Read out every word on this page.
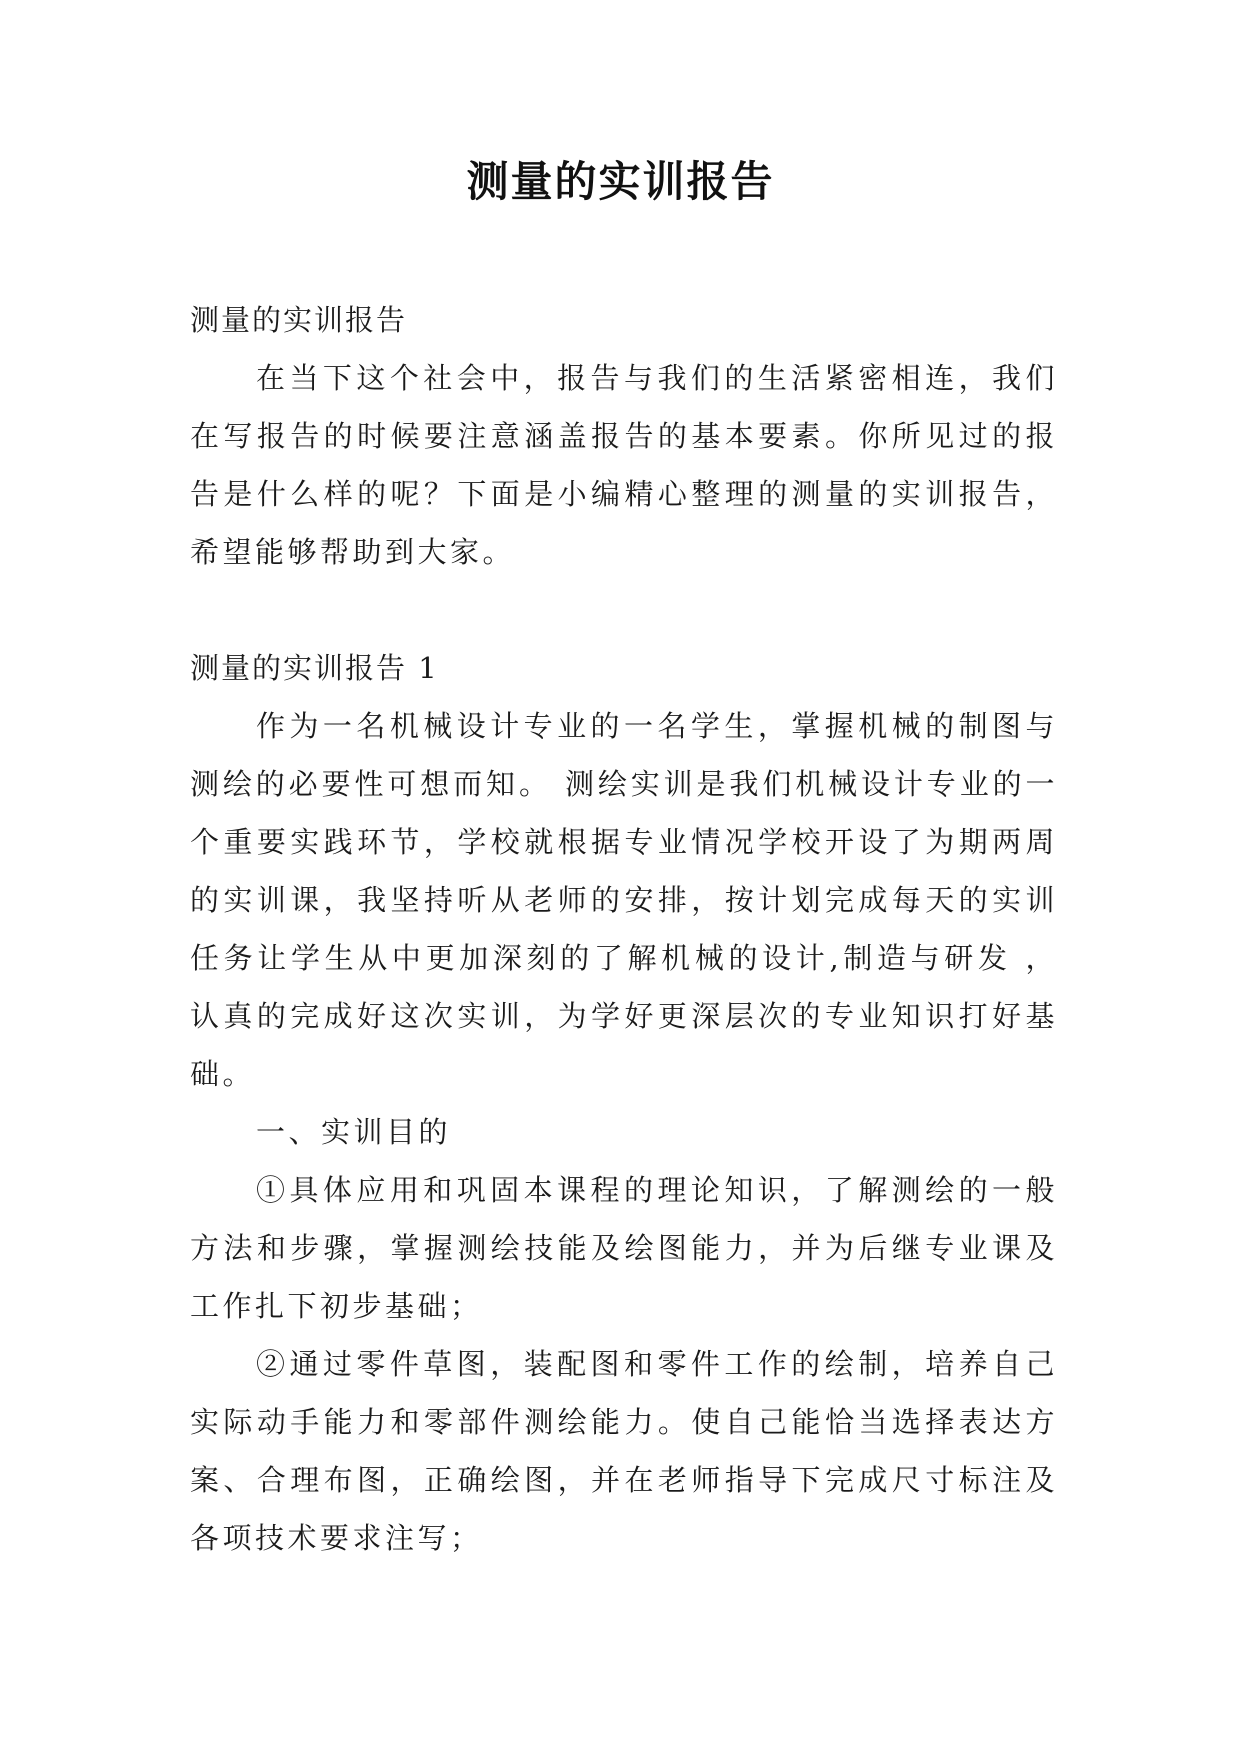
测量的实训报告

测量的实训报告

在当下这个社会中，报告与我们的生活紧密相连，我们在写报告的时候要注意涵盖报告的基本要素。你所见过的报告是什么样的呢？下面是小编精心整理的测量的实训报告，希望能够帮助到大家。

测量的实训报告 1

作为一名机械设计专业的一名学生，掌握机械的制图与测绘的必要性可想而知。 测绘实训是我们机械设计专业的一个重要实践环节，学校就根据专业情况学校开设了为期两周的实训课，我坚持听从老师的安排，按计划完成每天的实训任务让学生从中更加深刻的了解机械的设计,制造与研发 ，认真的完成好这次实训，为学好更深层次的专业知识打好基础。

一、实训目的

①具体应用和巩固本课程的理论知识，了解测绘的一般方法和步骤，掌握测绘技能及绘图能力，并为后继专业课及工作扎下初步基础；

②通过零件草图，装配图和零件工作的绘制，培养自己实际动手能力和零部件测绘能力。使自己能恰当选择表达方案、合理布图，正确绘图，并在老师指导下完成尺寸标注及各项技术要求注写；
